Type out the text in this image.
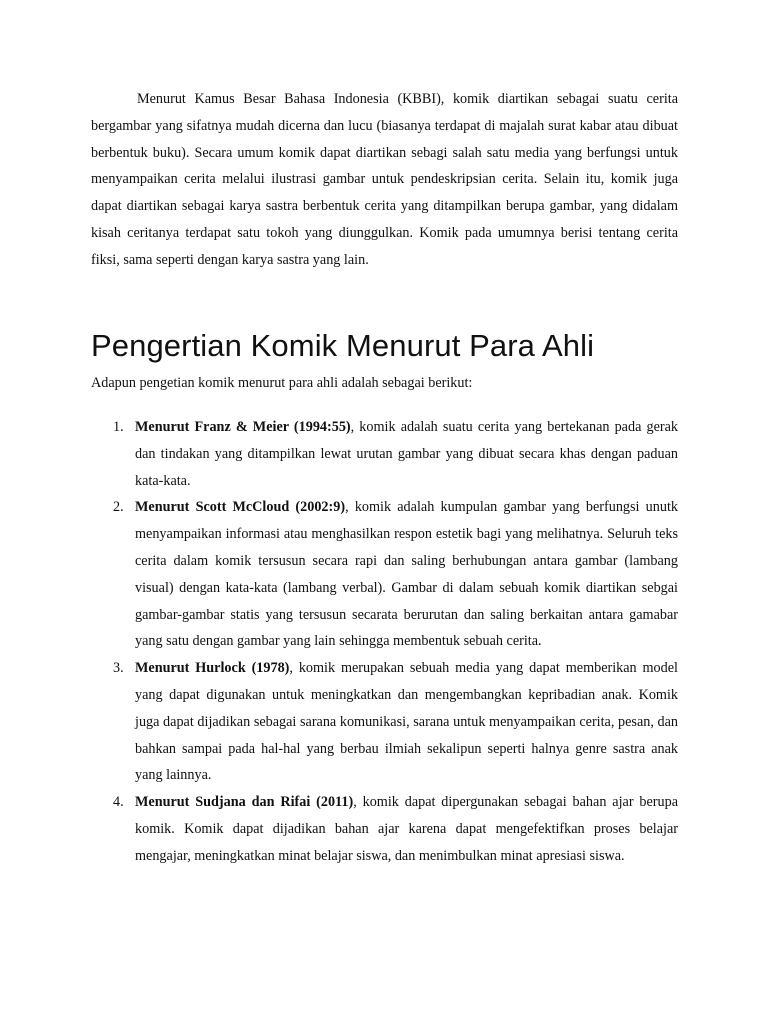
Menurut Kamus Besar Bahasa Indonesia (KBBI), komik diartikan sebagai suatu cerita bergambar yang sifatnya mudah dicerna dan lucu (biasanya terdapat di majalah surat kabar atau dibuat berbentuk buku). Secara umum komik dapat diartikan sebagi salah satu media yang berfungsi untuk menyampaikan cerita melalui ilustrasi gambar untuk pendeskripsian cerita. Selain itu, komik juga dapat diartikan sebagai karya sastra berbentuk cerita yang ditampilkan berupa gambar, yang didalam kisah ceritanya terdapat satu tokoh yang diunggulkan. Komik pada umumnya berisi tentang cerita fiksi, sama seperti dengan karya sastra yang lain.

Pengertian Komik Menurut Para Ahli

Adapun pengetian komik menurut para ahli adalah sebagai berikut:

1. Menurut Franz & Meier (1994:55), komik adalah suatu cerita yang bertekanan pada gerak dan tindakan yang ditampilkan lewat urutan gambar yang dibuat secara khas dengan paduan kata-kata.
2. Menurut Scott McCloud (2002:9), komik adalah kumpulan gambar yang berfungsi unutk menyampaikan informasi atau menghasilkan respon estetik bagi yang melihatnya. Seluruh teks cerita dalam komik tersusun secara rapi dan saling berhubungan antara gambar (lambang visual) dengan kata-kata (lambang verbal). Gambar di dalam sebuah komik diartikan sebgai gambar-gambar statis yang tersusun secarata berurutan dan saling berkaitan antara gamabar yang satu dengan gambar yang lain sehingga membentuk sebuah cerita.
3. Menurut Hurlock (1978), komik merupakan sebuah media yang dapat memberikan model yang dapat digunakan untuk meningkatkan dan mengembangkan kepribadian anak. Komik juga dapat dijadikan sebagai sarana komunikasi, sarana untuk menyampaikan cerita, pesan, dan bahkan sampai pada hal-hal yang berbau ilmiah sekalipun seperti halnya genre sastra anak yang lainnya.
4. Menurut Sudjana dan Rifai (2011), komik dapat dipergunakan sebagai bahan ajar berupa komik. Komik dapat dijadikan bahan ajar karena dapat mengefektifkan proses belajar mengajar, meningkatkan minat belajar siswa, dan menimbulkan minat apresiasi siswa.
